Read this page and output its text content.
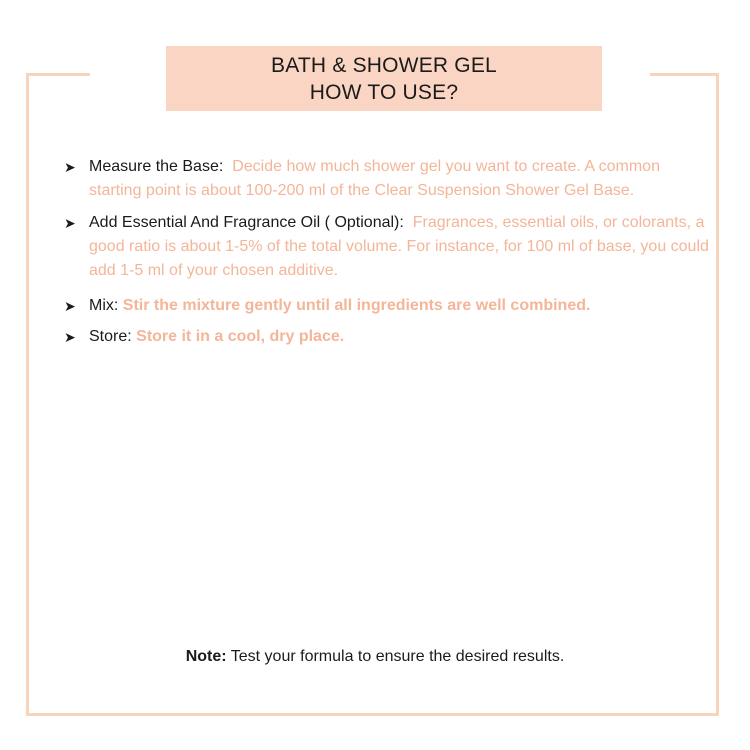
BATH & SHOWER GEL
HOW TO USE?
➤ Measure the Base: Decide how much shower gel you want to create. A common starting point is about 100-200 ml of the Clear Suspension Shower Gel Base.
➤ Add Essential And Fragrance Oil ( Optional): Fragrances, essential oils, or colorants, a good ratio is about 1-5% of the total volume. For instance, for 100 ml of base, you could add 1-5 ml of your chosen additive.
➤ Mix: Stir the mixture gently until all ingredients are well combined.
➤ Store: Store it in a cool, dry place.
Note: Test your formula to ensure the desired results.
